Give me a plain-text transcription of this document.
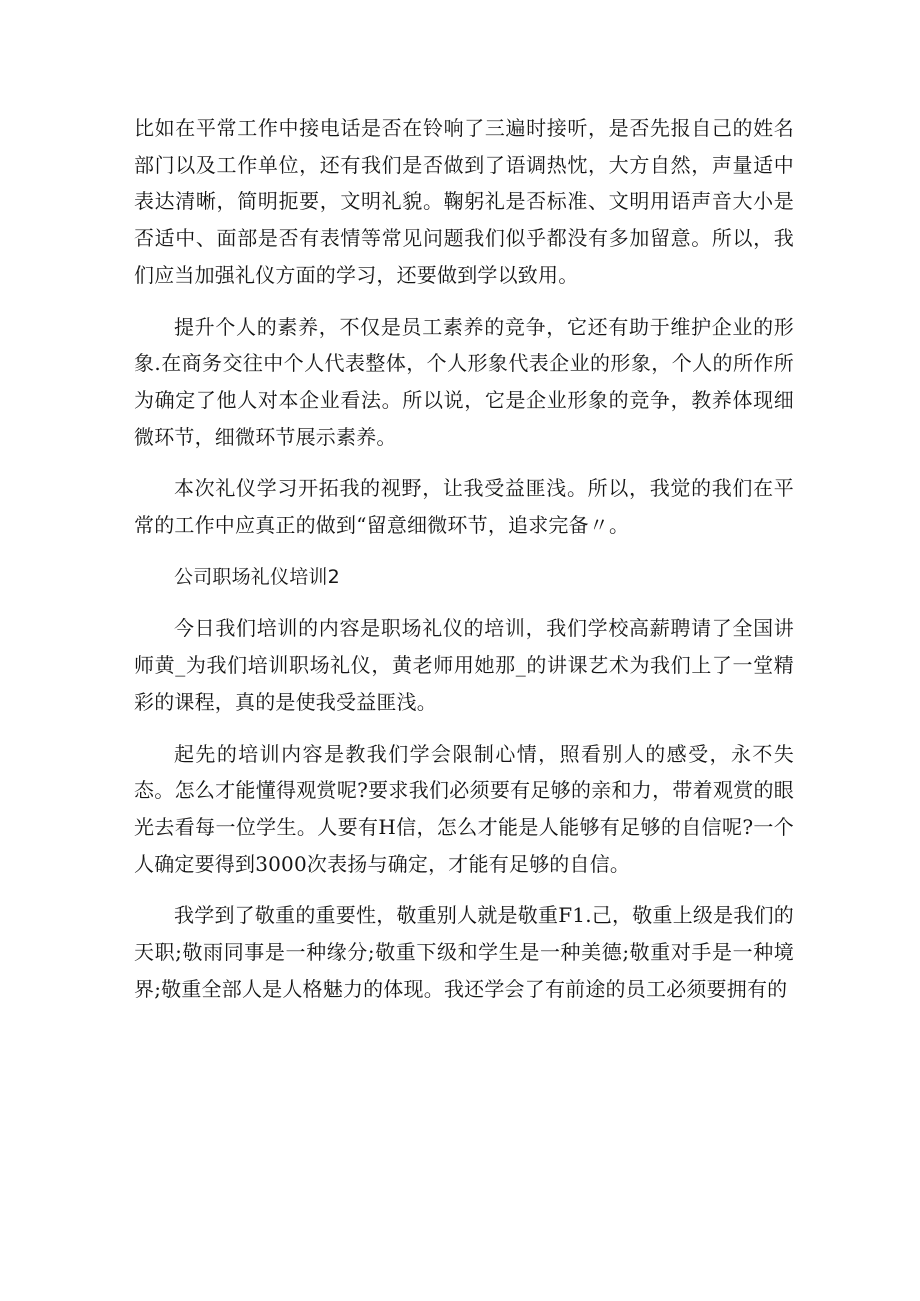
比如在平常工作中接电话是否在铃响了三遍时接听，是否先报自己的姓名部门以及工作单位，还有我们是否做到了语调热忱，大方自然，声量适中表达清晰，简明扼要，文明礼貌。鞠躬礼是否标准、文明用语声音大小是否适中、面部是否有表情等常见问题我们似乎都没有多加留意。所以，我们应当加强礼仪方面的学习，还要做到学以致用。

提升个人的素养，不仅是员工素养的竞争，它还有助于维护企业的形象.在商务交往中个人代表整体，个人形象代表企业的形象，个人的所作所为确定了他人对本企业看法。所以说，它是企业形象的竞争，教养体现细微环节，细微环节展示素养。

本次礼仪学习开拓我的视野，让我受益匪浅。所以，我觉的我们在平常的工作中应真正的做到“留意细微环节，追求完备〃。

公司职场礼仪培训2

今日我们培训的内容是职场礼仪的培训，我们学校高薪聘请了全国讲师黄_为我们培训职场礼仪，黄老师用她那_的讲课艺术为我们上了一堂精彩的课程，真的是使我受益匪浅。

起先的培训内容是教我们学会限制心情，照看别人的感受，永不失态。怎么才能懂得观赏呢?要求我们必须要有足够的亲和力，带着观赏的眼光去看每一位学生。人要有H信，怎么才能是人能够有足够的自信呢?一个人确定要得到3000次表扬与确定，才能有足够的自信。

我学到了敬重的重要性，敬重别人就是敬重F1.己，敬重上级是我们的天职;敬雨同事是一种缘分;敬重下级和学生是一种美德;敬重对手是一种境界;敬重全部人是人格魅力的体现。我还学会了有前途的员工必须要拥有的
